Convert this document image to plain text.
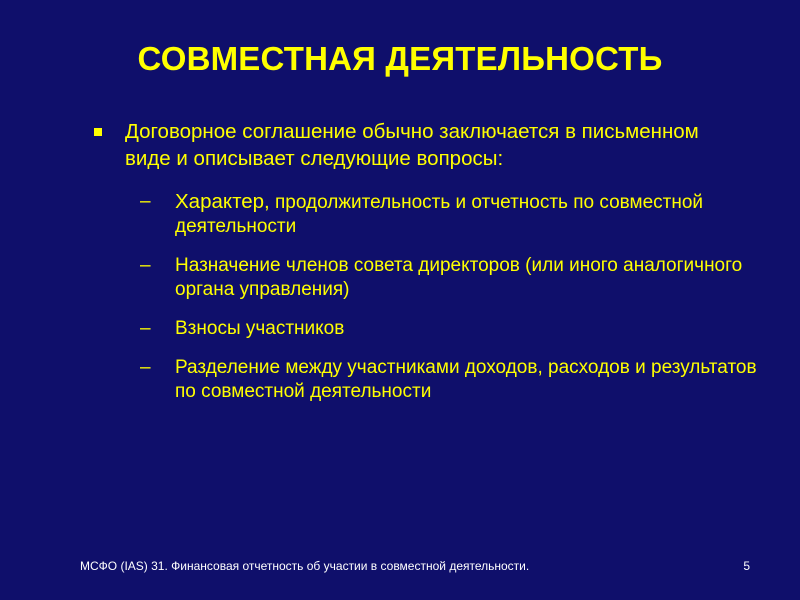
СОВМЕСТНАЯ ДЕЯТЕЛЬНОСТЬ
Договорное соглашение обычно заключается в письменном виде и описывает следующие вопросы:
– Характер, продолжительность и отчетность по совместной деятельности
– Назначение членов совета директоров (или иного аналогичного органа управления)
– Взносы участников
– Разделение между участниками доходов, расходов и результатов по совместной деятельности
МСФО (IAS) 31. Финансовая отчетность об участии в совместной деятельности.	5
